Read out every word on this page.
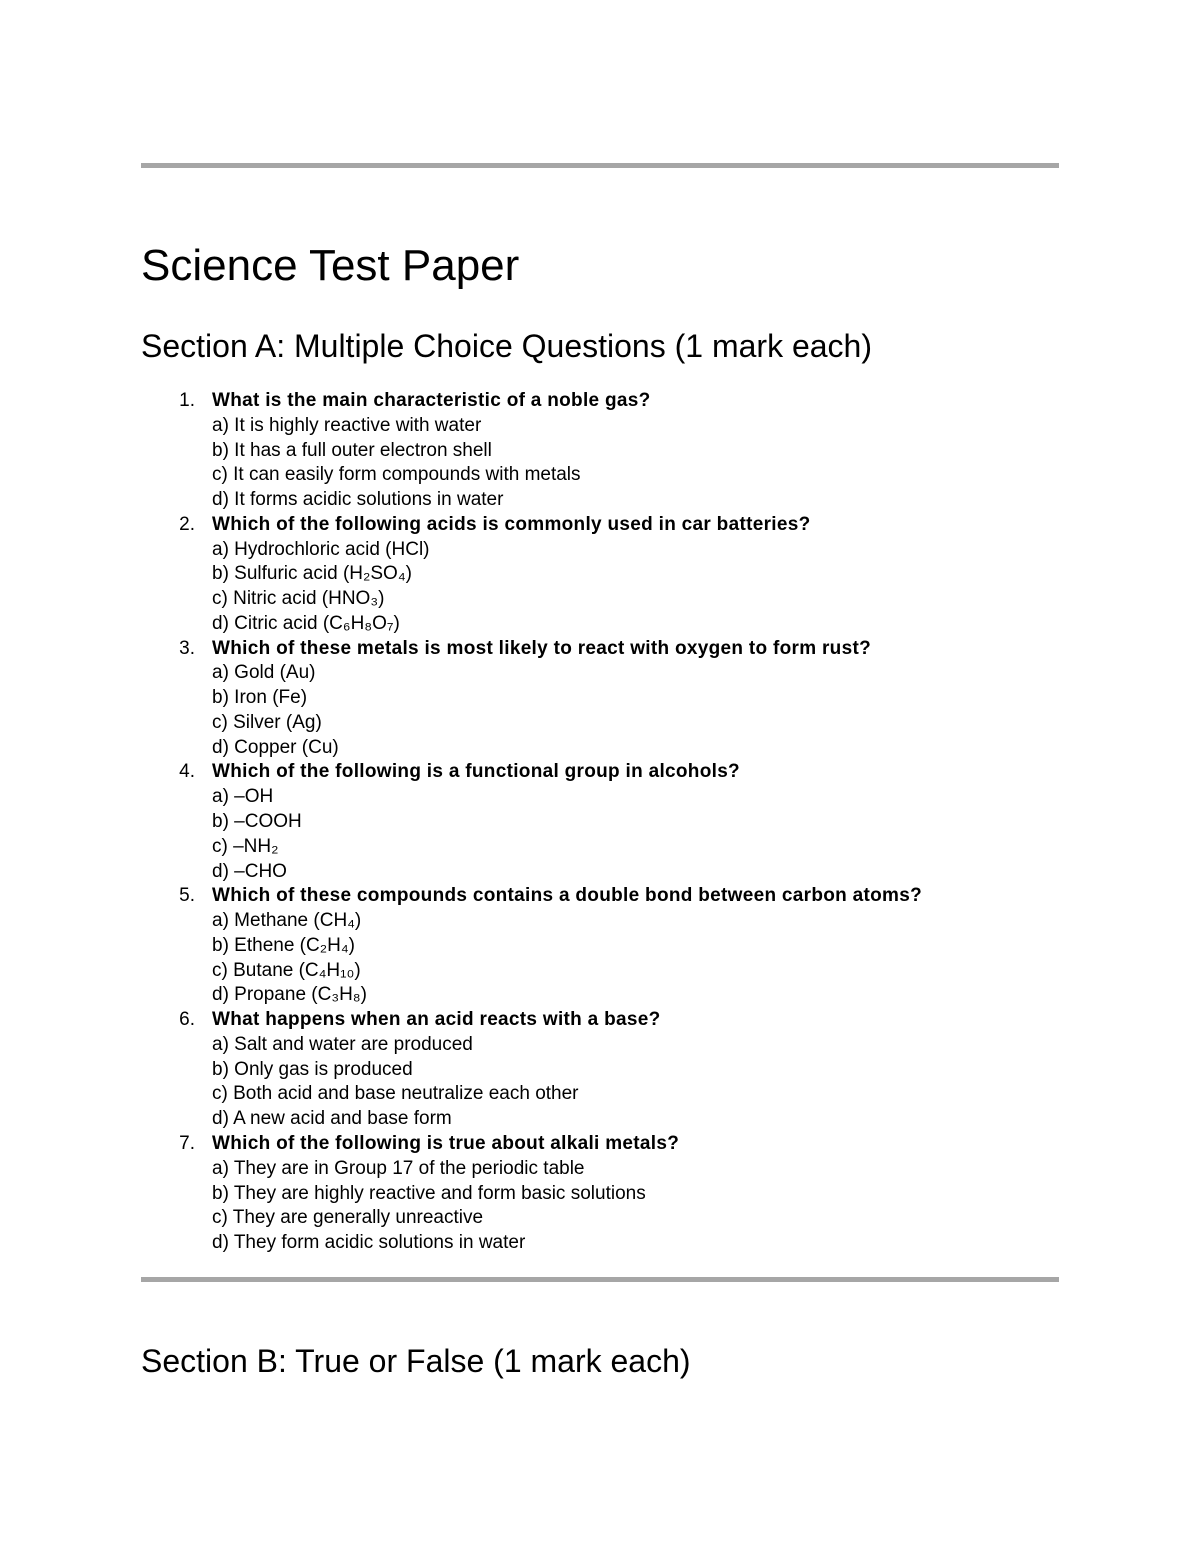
Science Test Paper
Section A: Multiple Choice Questions (1 mark each)
1. What is the main characteristic of a noble gas?
a) It is highly reactive with water
b) It has a full outer electron shell
c) It can easily form compounds with metals
d) It forms acidic solutions in water
2. Which of the following acids is commonly used in car batteries?
a) Hydrochloric acid (HCl)
b) Sulfuric acid (H₂SO₄)
c) Nitric acid (HNO₃)
d) Citric acid (C₆H₈O₇)
3. Which of these metals is most likely to react with oxygen to form rust?
a) Gold (Au)
b) Iron (Fe)
c) Silver (Ag)
d) Copper (Cu)
4. Which of the following is a functional group in alcohols?
a) –OH
b) –COOH
c) –NH₂
d) –CHO
5. Which of these compounds contains a double bond between carbon atoms?
a) Methane (CH₄)
b) Ethene (C₂H₄)
c) Butane (C₄H₁₀)
d) Propane (C₃H₈)
6. What happens when an acid reacts with a base?
a) Salt and water are produced
b) Only gas is produced
c) Both acid and base neutralize each other
d) A new acid and base form
7. Which of the following is true about alkali metals?
a) They are in Group 17 of the periodic table
b) They are highly reactive and form basic solutions
c) They are generally unreactive
d) They form acidic solutions in water
Section B: True or False (1 mark each)
